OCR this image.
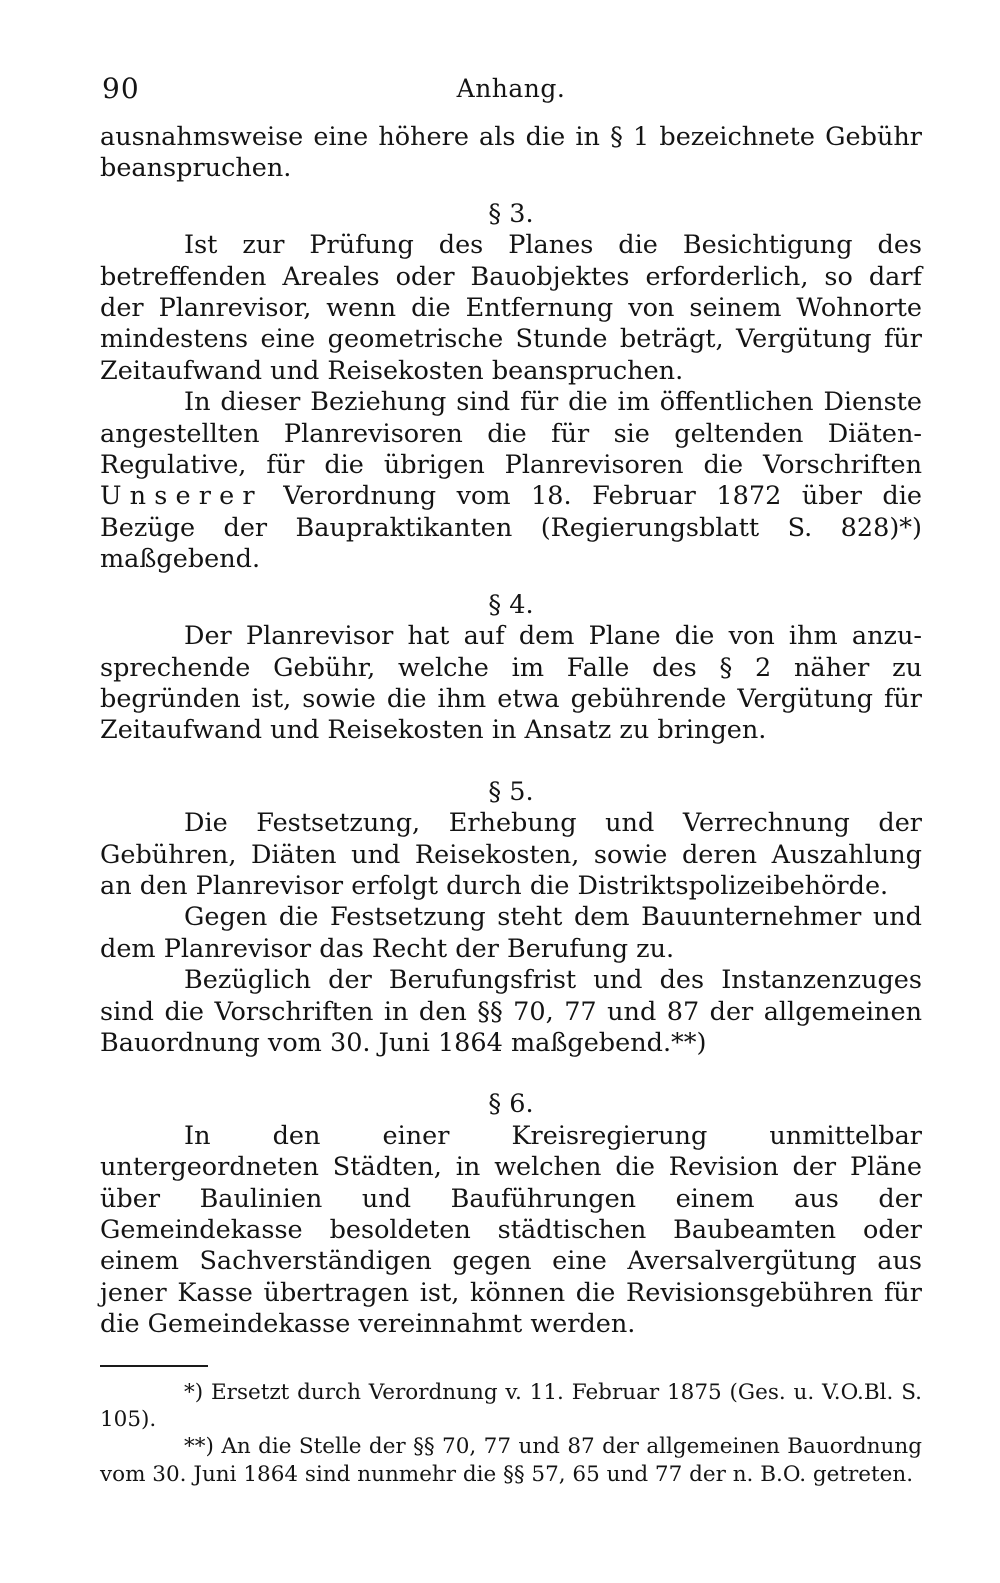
90	Anhang.

ausnahmsweise eine höhere als die in § 1 bezeichnete Gebühr beanspruchen.

§ 3.

Ist zur Prüfung des Planes die Besichtigung des betreffenden Areales oder Bauobjektes erforderlich, so darf der Planrevisor, wenn die Entfernung von seinem Wohnorte mindestens eine geometrische Stunde beträgt, Vergütung für Zeitaufwand und Reisekosten beanspruchen.

In dieser Beziehung sind für die im öffentlichen Dienste angestellten Planrevisoren die für sie geltenden Diäten-Regulative, für die übrigen Planrevisoren die Vorschriften Unserer Verordnung vom 18. Februar 1872 über die Bezüge der Baupraktikanten (Regierungsblatt S. 828)*) maßgebend.

§ 4.

Der Planrevisor hat auf dem Plane die von ihm anzusprechende Gebühr, welche im Falle des § 2 näher zu begründen ist, sowie die ihm etwa gebührende Vergütung für Zeitaufwand und Reisekosten in Ansatz zu bringen.

§ 5.

Die Festsetzung, Erhebung und Verrechnung der Gebühren, Diäten und Reisekosten, sowie deren Auszahlung an den Planrevisor erfolgt durch die Distriktspolizeibehörde.

Gegen die Festsetzung steht dem Bauunternehmer und dem Planrevisor das Recht der Berufung zu.

Bezüglich der Berufungsfrist und des Instanzenzuges sind die Vorschriften in den §§ 70, 77 und 87 der allgemeinen Bauordnung vom 30. Juni 1864 maßgebend.**)

§ 6.

In den einer Kreisregierung unmittelbar untergeordneten Städten, in welchen die Revision der Pläne über Baulinien und Bauführungen einem aus der Gemeindekasse besoldeten städtischen Baubeamten oder einem Sachverständigen gegen eine Aversalvergütung aus jener Kasse übertragen ist, können die Revisionsgebühren für die Gemeindekasse vereinnahmt werden.

*) Ersetzt durch Verordnung v. 11. Februar 1875 (Ges. u. V.O.Bl. S. 105).

**) An die Stelle der §§ 70, 77 und 87 der allgemeinen Bauordnung vom 30. Juni 1864 sind nunmehr die §§ 57, 65 und 77 der n. B.O. getreten.
